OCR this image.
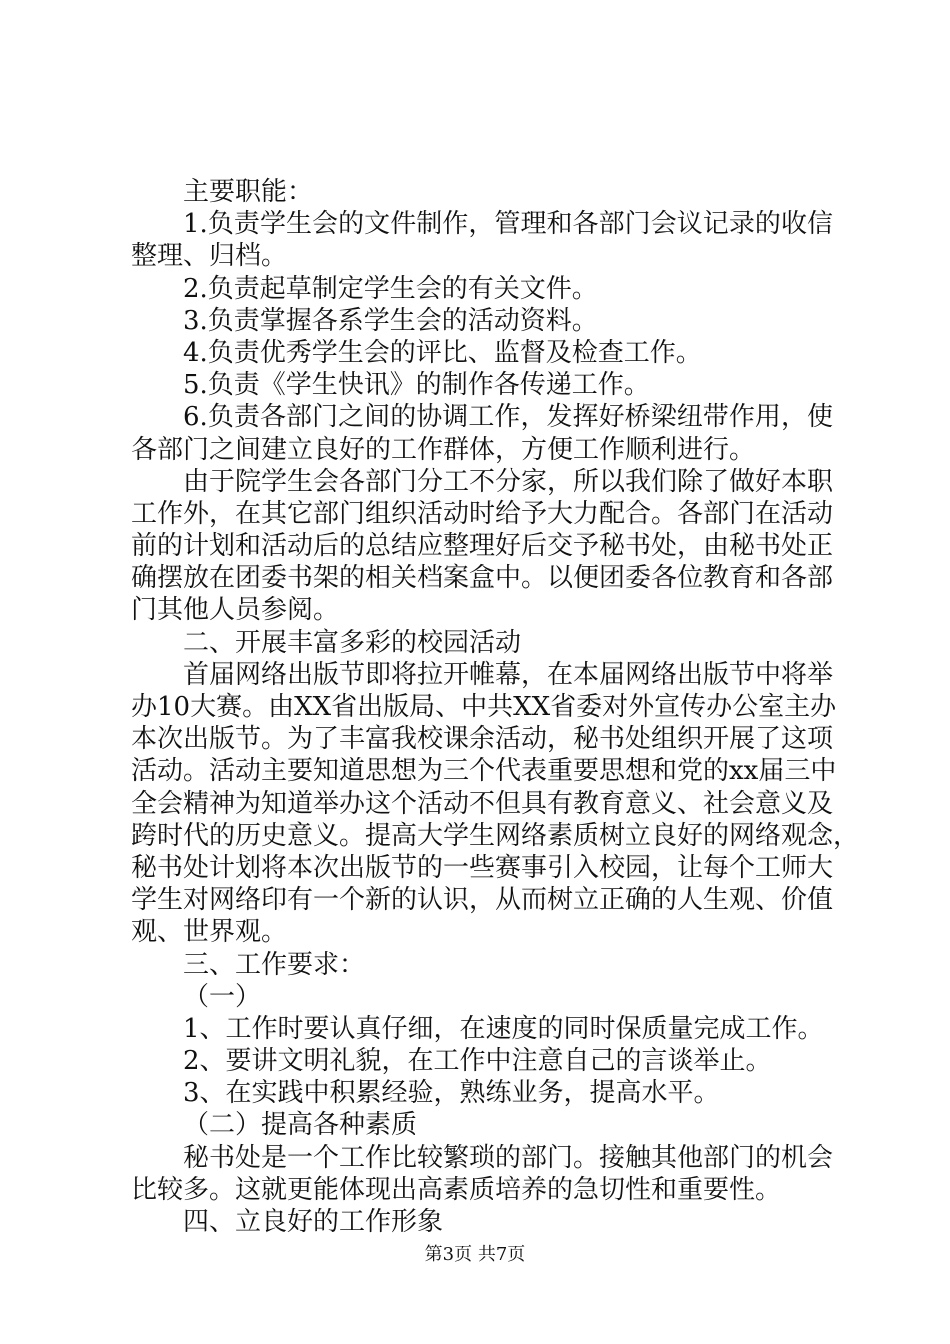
主要职能：
1.负责学生会的文件制作，管理和各部门会议记录的收信
整理、归档。
2.负责起草制定学生会的有关文件。
3.负责掌握各系学生会的活动资料。
4.负责优秀学生会的评比、监督及检查工作。
5.负责《学生快讯》的制作各传递工作。
6.负责各部门之间的协调工作，发挥好桥梁纽带作用，使
各部门之间建立良好的工作群体，方便工作顺利进行。
由于院学生会各部门分工不分家，所以我们除了做好本职
工作外，在其它部门组织活动时给予大力配合。各部门在活动
前的计划和活动后的总结应整理好后交予秘书处，由秘书处正
确摆放在团委书架的相关档案盒中。以便团委各位教育和各部
门其他人员参阅。
二、开展丰富多彩的校园活动
首届网络出版节即将拉开帷幕，在本届网络出版节中将举
办10大赛。由XX省出版局、中共XX省委对外宣传办公室主办
本次出版节。为了丰富我校课余活动，秘书处组织开展了这项
活动。活动主要知道思想为三个代表重要思想和党的xx届三中
全会精神为知道举办这个活动不但具有教育意义、社会意义及
跨时代的历史意义。提高大学生网络素质树立良好的网络观念，
秘书处计划将本次出版节的一些赛事引入校园，让每个工师大
学生对网络印有一个新的认识，从而树立正确的人生观、价值
观、世界观。
三、工作要求：
（一）
1、工作时要认真仔细，在速度的同时保质量完成工作。
2、要讲文明礼貌，在工作中注意自己的言谈举止。
3、在实践中积累经验，熟练业务，提高水平。
（二）提高各种素质
秘书处是一个工作比较繁琐的部门。接触其他部门的机会
比较多。这就更能体现出高素质培养的急切性和重要性。
四、立良好的工作形象
第3页 共7页
